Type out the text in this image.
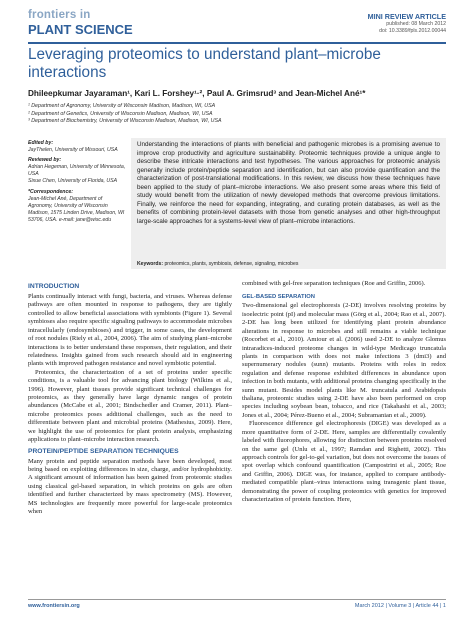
frontiers in
PLANT SCIENCE
MINI REVIEW ARTICLE
published: 08 March 2012
doi: 10.3389/fpls.2012.00044
Leveraging proteomics to understand plant–microbe interactions
Dhileepkumar Jayaraman¹, Kari L. Forshey¹·², Paul A. Grimsrud³ and Jean-Michel Ané¹*
¹ Department of Agronomy, University of Wisconsin Madison, Madison, WI, USA
² Department of Genetics, University of Wisconsin Madison, Madison, WI, USA
³ Department of Biochemistry, University of Wisconsin Madison, Madison, WI, USA
Edited by:
JayThelen, University of Missouri, USA
Reviewed by:
Adrian Hegeman, University of Minnesota, USA
Sixue Chen, University of Florida, USA
*Correspondence:
Jean-Michel Ané, Department of Agronomy, University of Wisconsin Madison, 1575 Linden Drive, Madison, WI 53706, USA. e-mail: jane@wisc.edu
Understanding the interactions of plants with beneficial and pathogenic microbes is a promising avenue to improve crop productivity and agriculture sustainability. Proteomic techniques provide a unique angle to describe these intricate interactions and test hypotheses. The various approaches for proteomic analysis generally include protein/peptide separation and identification, but can also provide quantification and the characterization of post-translational modifications. In this review, we discuss how these techniques have been applied to the study of plant–microbe interactions. We also present some areas where this field of study would benefit from the utilization of newly developed methods that overcome previous limitations. Finally, we reinforce the need for expanding, integrating, and curating protein databases, as well as the benefits of combining protein-level datasets with those from genetic analyses and other high-throughput large-scale approaches for a systems-level view of plant–microbe interactions.
Keywords: proteomics, plants, symbiosis, defense, signaling, microbes
INTRODUCTION

Plants continually interact with fungi, bacteria, and viruses. Whereas defense pathways are often mounted in response to pathogens, they are tightly controlled to allow beneficial associations with symbionts (Figure 1). Several symbioses also require specific signaling pathways to accommodate microbes intracellularly (endosymbioses) and trigger, in some cases, the development of root nodules (Riely et al., 2004, 2006). The aim of studying plant–microbe interactions is to better understand these responses, their regulation, and their relatedness. Insights gained from such research should aid in engineering plants with improved pathogen resistance and novel symbiotic potential.

Proteomics, the characterization of a set of proteins under specific conditions, is a valuable tool for advancing plant biology (Wilkins et al., 1996). However, plant tissues provide significant technical challenges for proteomics, as they generally have large dynamic ranges of protein abundances (McCabe et al., 2001; Bindschedler and Cramer, 2011). Plant–microbe proteomics poses additional challenges, such as the need to differentiate between plant and microbial proteins (Mathesius, 2009). Here, we highlight the use of proteomics for plant protein analysis, emphasizing applications to plant–microbe interaction research.

PROTEIN/PEPTIDE SEPARATION TECHNIQUES

Many protein and peptide separation methods have been developed, most being based on exploiting differences in size, charge, and/or hydrophobicity. A significant amount of information has been gained from proteomic studies using classical gel-based separation, in which proteins on gels are often identified and further characterized by mass spectrometry (MS). However, MS technologies are frequently more powerful for large-scale proteomics when

combined with gel-free separation techniques (Roe and Griffin, 2006).

GEL-BASED SEPARATION

Two-dimensional gel electrophoresis (2-DE) involves resolving proteins by isoelectric point (pI) and molecular mass (Görg et al., 2004; Rao et al., 2007). 2-DE has long been utilized for identifying plant protein abundance alterations in response to microbes and still remains a viable technique (Rocorbet et al., 2010). Amiour et al. (2006) used 2-DE to analyze Glomus intraradices-induced proteome changes in wild-type Medicago truncatula plants in comparison with does not make infections 3 (dmi3) and supernumerary nodules (sunn) mutants. Proteins with roles in redox regulation and defense response exhibited differences in abundance upon infection in both mutants, with additional proteins changing specifically in the sunn mutant. Besides model plants like M. truncatula and Arabidopsis thaliana, proteomic studies using 2-DE have also been performed on crop species including soybean bean, tobacco, and rice (Takahashi et al., 2003; Jones et al., 2004; Pérez-Bueno et al., 2004; Subramanian et al., 2009).

Fluorescence difference gel electrophoresis (DIGE) was developed as a more quantitative form of 2-DE. Here, samples are differentially covalently labeled with fluorophores, allowing for distinction between proteins resolved on the same gel (Unlu et al., 1997; Ramdan and Righetti, 2002). This approach controls for gel-to-gel variation, but does not overcome the issues of spot overlap which confound quantification (Campostrini et al., 2005; Roe and Griffin, 2006). DIGE was, for instance, applied to compare antibody-mediated compatible plant–virus interactions using transgenic plant tissue, demonstrating the power of coupling proteomics with genetics for improved characterization of protein function. Here,

www.frontiersin.org	March 2012 | Volume 3 | Article 44 | 1
